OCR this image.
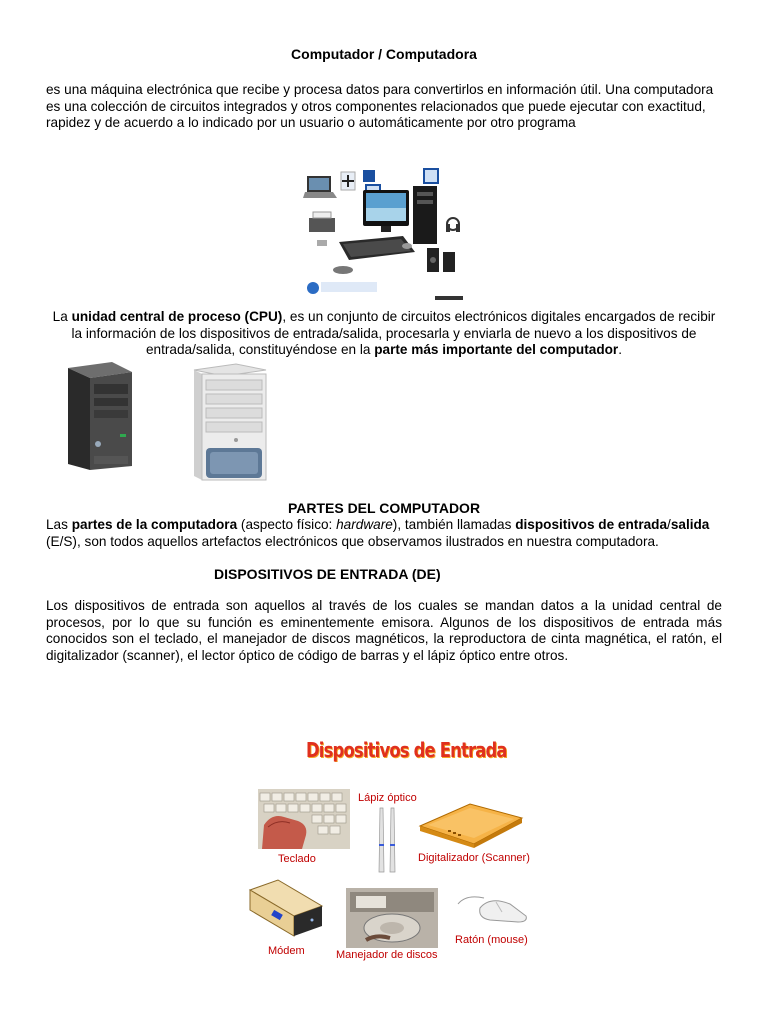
Computador / Computadora
es una máquina electrónica que recibe y procesa datos para convertirlos en información útil. Una computadora es una colección de circuitos integrados y otros componentes relacionados que puede ejecutar con exactitud, rapidez y de acuerdo a lo indicado por un usuario o automáticamente por otro programa
La unidad central de proceso (CPU), es un conjunto de circuitos electrónicos digitales encargados de recibir la información de los dispositivos de entrada/salida, procesarla y enviarla de nuevo a los dispositivos de entrada/salida, constituyéndose en la parte más importante del computador.
PARTES DEL COMPUTADOR
Las partes de la computadora (aspecto físico: hardware), también llamadas dispositivos de entrada/salida (E/S), son todos aquellos artefactos electrónicos que observamos ilustrados en nuestra computadora.
DISPOSITIVOS DE ENTRADA (DE)
Los dispositivos de entrada son aquellos al través de los cuales se mandan datos a la unidad central de procesos, por lo que su función es eminentemente emisora. Algunos de los dispositivos de entrada más conocidos son el teclado, el manejador de discos magnéticos, la reproductora de cinta magnética, el ratón, el digitalizador (scanner), el lector óptico de código de barras y el lápiz óptico entre otros.
Dispositivos de Entrada
Teclado
Lápiz óptico
Digitalizador (Scanner)
Módem	Manejador de discos
Ratón (mouse)
